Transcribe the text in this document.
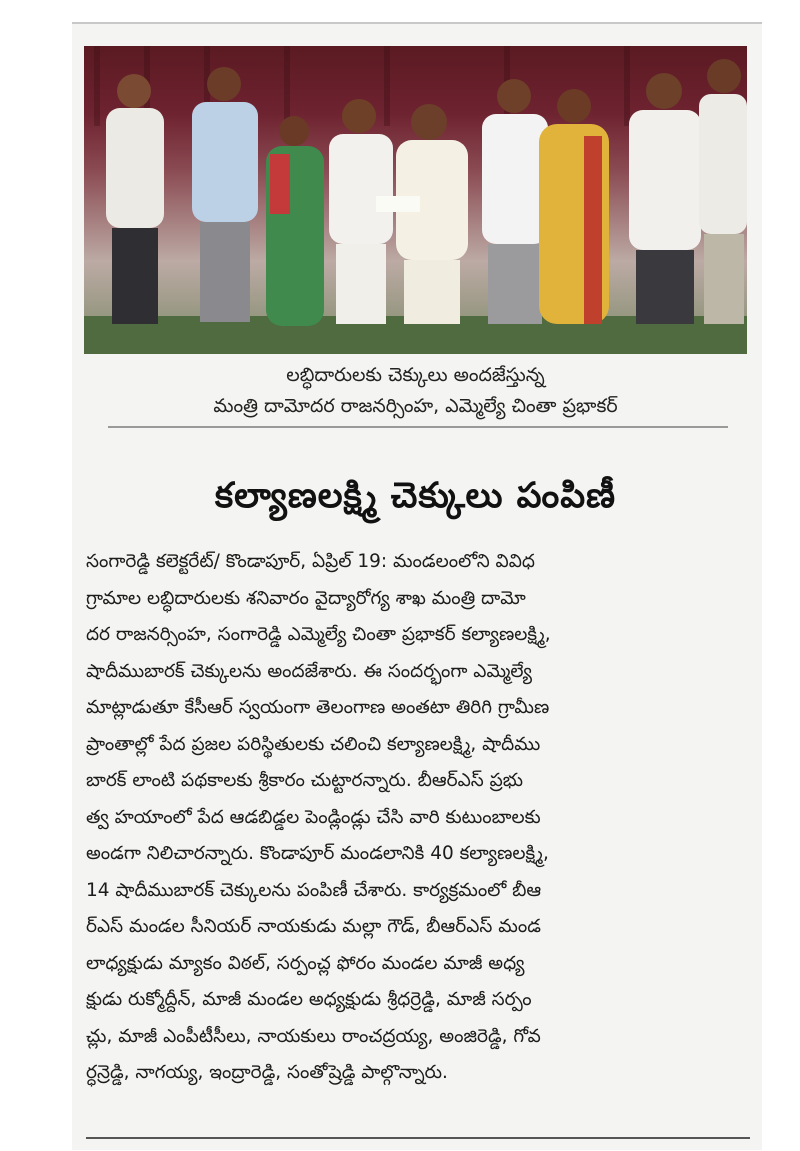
లబ్ధిదారులకు చెక్కులు అందజేస్తున్న
మంత్రి దామోదర రాజనర్సింహ, ఎమ్మెల్యే చింతా ప్రభాకర్
కల్యాణలక్ష్మి చెక్కులు పంపిణీ
సంగారెడ్డి కలెక్టరేట్/ కొండాపూర్, ఏప్రిల్ 19: మండలంలోని వివిధ
గ్రామాల లబ్ధిదారులకు శనివారం వైద్యారోగ్య శాఖ మంత్రి దామో
దర రాజనర్సింహ, సంగారెడ్డి ఎమ్మెల్యే చింతా ప్రభాకర్ కల్యాణలక్ష్మి,
షాదీముబారక్ చెక్కులను అందజేశారు. ఈ సందర్భంగా ఎమ్మెల్యే
మాట్లాడుతూ కేసీఆర్ స్వయంగా తెలంగాణ అంతటా తిరిగి గ్రామీణ
ప్రాంతాల్లో పేద ప్రజల పరిస్థితులకు చలించి కల్యాణలక్ష్మి, షాదీము
బారక్ లాంటి పథకాలకు శ్రీకారం చుట్టారన్నారు. బీఆర్ఎస్ ప్రభు
త్వ హయాంలో పేద ఆడబిడ్డల పెండ్లిండ్లు చేసి వారి కుటుంబాలకు
అండగా నిలిచారన్నారు. కొండాపూర్ మండలానికి 40 కల్యాణలక్ష్మి,
14 షాదీముబారక్ చెక్కులను పంపిణీ చేశారు. కార్యక్రమంలో బీఆ
ర్ఎస్ మండల సీనియర్ నాయకుడు మల్లా గౌడ్, బీఆర్ఎస్ మండ
లాధ్యక్షుడు మ్యాకం విఠల్, సర్పంచ్ల ఫోరం మండల మాజీ అధ్య
క్షుడు రుక్మోద్దీన్, మాజీ మండల అధ్యక్షుడు శ్రీధర్రెడ్డి, మాజీ సర్పం
చ్లు, మాజీ ఎంపీటీసీలు, నాయకులు రాంచద్రయ్య, అంజిరెడ్డి, గోవ
ర్ధన్రెడ్డి, నాగయ్య, ఇంద్రారెడ్డి, సంతోష్రెడ్డి పాల్గొన్నారు.
